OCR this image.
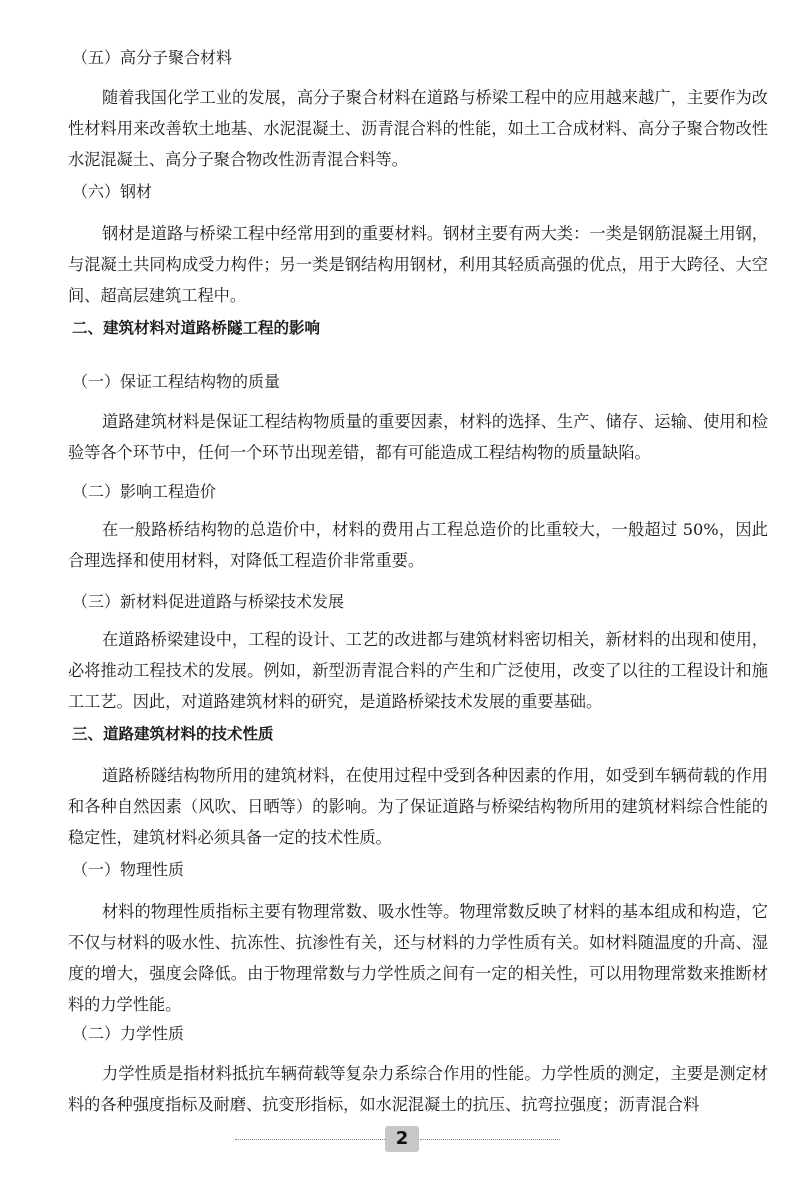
（五）高分子聚合材料
随着我国化学工业的发展，高分子聚合材料在道路与桥梁工程中的应用越来越广，主要作为改性材料用来改善软土地基、水泥混凝土、沥青混合料的性能，如土工合成材料、高分子聚合物改性水泥混凝土、高分子聚合物改性沥青混合料等。
（六）钢材
钢材是道路与桥梁工程中经常用到的重要材料。钢材主要有两大类：一类是钢筋混凝土用钢，与混凝土共同构成受力构件；另一类是钢结构用钢材，利用其轻质高强的优点，用于大跨径、大空间、超高层建筑工程中。
二、建筑材料对道路桥隧工程的影响
（一）保证工程结构物的质量
道路建筑材料是保证工程结构物质量的重要因素，材料的选择、生产、储存、运输、使用和检验等各个环节中，任何一个环节出现差错，都有可能造成工程结构物的质量缺陷。
（二）影响工程造价
在一般路桥结构物的总造价中，材料的费用占工程总造价的比重较大，一般超过 50%，因此合理选择和使用材料，对降低工程造价非常重要。
（三）新材料促进道路与桥梁技术发展
在道路桥梁建设中，工程的设计、工艺的改进都与建筑材料密切相关，新材料的出现和使用，必将推动工程技术的发展。例如，新型沥青混合料的产生和广泛使用，改变了以往的工程设计和施工工艺。因此，对道路建筑材料的研究，是道路桥梁技术发展的重要基础。
三、道路建筑材料的技术性质
道路桥隧结构物所用的建筑材料，在使用过程中受到各种因素的作用，如受到车辆荷载的作用和各种自然因素（风吹、日晒等）的影响。为了保证道路与桥梁结构物所用的建筑材料综合性能的稳定性，建筑材料必须具备一定的技术性质。
（一）物理性质
材料的物理性质指标主要有物理常数、吸水性等。物理常数反映了材料的基本组成和构造，它不仅与材料的吸水性、抗冻性、抗渗性有关，还与材料的力学性质有关。如材料随温度的升高、湿度的增大，强度会降低。由于物理常数与力学性质之间有一定的相关性，可以用物理常数来推断材料的力学性能。
（二）力学性质
力学性质是指材料抵抗车辆荷载等复杂力系综合作用的性能。力学性质的测定，主要是测定材料的各种强度指标及耐磨、抗变形指标，如水泥混凝土的抗压、抗弯拉强度；沥青混合料
2
